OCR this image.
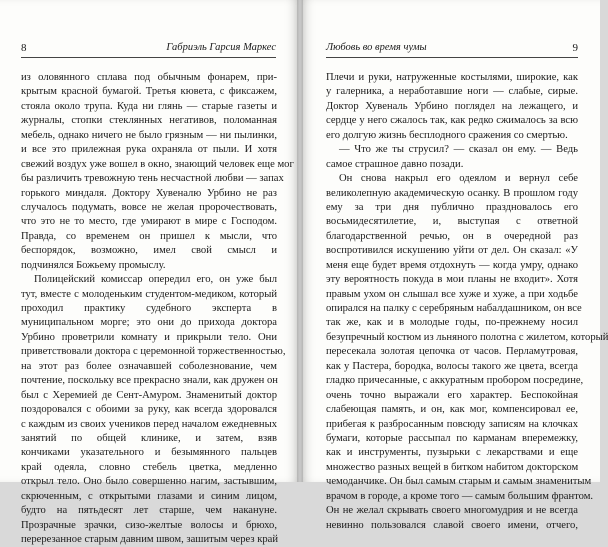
8	Габриэль Гарсия Маркес
из оловянного сплава под обычным фонарем, при-
крытым красной бумагой. Третья кювета, с фиксажем,
стояла около трупа. Куда ни глянь — старые газеты и
журналы, стопки стеклянных негативов, поломанная
мебель, однако ничего не было грязным — ни пылинки,
и все это прилежная рука охраняла от пыли. И хотя
свежий воздух уже вошел в окно, знающий человек еще мог
бы различить тревожную тень несчастной любви — запах
горького миндаля. Доктору Хувеналю Урбино не раз
случалось подумать, вовсе не желая пророчествовать,
что это не то место, где умирают в мире с Господом.
Правда, со временем он пришел к мысли, что
беспорядок, возможно, имел свой смысл и
подчинялся Божьему промыслу.
Полицейский комиссар опередил его, он уже был
тут, вместе с молоденьким студентом-медиком, который
проходил практику судебного эксперта в
муниципальном морге; это они до прихода доктора
Урбино проветрили комнату и прикрыли тело. Они
приветствовали доктора с церемонной торжественностью,
на этот раз более означавшей соболезнование, чем
почтение, поскольку все прекрасно знали, как дружен он
был с Херемией де Сент-Амуром. Знаменитый доктор
поздоровался с обоими за руку, как всегда здоровался
с каждым из своих учеников перед началом ежедневных
занятий по общей клинике, и затем, взяв
кончиками указательного и безымянного пальцев
край одеяла, словно стебель цветка, медленно
открыл тело. Оно было совершенно нагим, застывшим,
скрюченным, с открытыми глазами и синим лицом,
будто на пятьдесят лет старше, чем накануне.
Прозрачные зрачки, сизо-желтые волосы и брюхо,
перерезанное старым давним швом, зашитым через край
Любовь во время чумы	9
Плечи и руки, натруженные костылями, широкие, как
у галерника, а неработавшие ноги — слабые, сирые.
Доктор Хувеналь Урбино поглядел на лежащего, и
сердце у него сжалось так, как редко сжималось за всю
его долгую жизнь бесплодного сражения со смертью.
— Что же ты струсил? — сказал он ему. — Ведь
самое страшное давно позади.
Он снова накрыл его одеялом и вернул себе
великолепную академическую осанку. В прошлом году
ему за три дня публично праздновалось его
восьмидесятилетие, и, выступая с ответной
благодарственной речью, он в очередной раз
воспротивился искушению уйти от дел. Он сказал: «У
меня еще будет время отдохнуть — когда умру, однако
эту вероятность покуда в мои планы не входит». Хотя
правым ухом он слышал все хуже и хуже, а при ходьбе
опирался на палку с серебряным набалдашником, он все
так же, как и в молодые годы, по-прежнему носил
безупречный костюм из льняного полотна с жилетом, который
пересекала золотая цепочка от часов. Перламутровая,
как у Пастера, бородка, волосы такого же цвета, всегда
гладко причесанные, с аккуратным пробором посредине,
очень точно выражали его характер. Беспокойная
слабеющая память, и он, как мог, компенсировал ее,
прибегая к разбросанным повсюду записям на клочках
бумаги, которые рассыпал по карманам вперемежку,
как и инструменты, пузырьки с лекарствами и еще
множество разных вещей в битком набитом докторском
чемоданчике. Он был самым старым и самым знаменитым
врачом в городе, а кроме того — самым большим франтом.
Он не желал скрывать своего многомудрия и не всегда
невинно пользовался славой своего имени, отчего,
